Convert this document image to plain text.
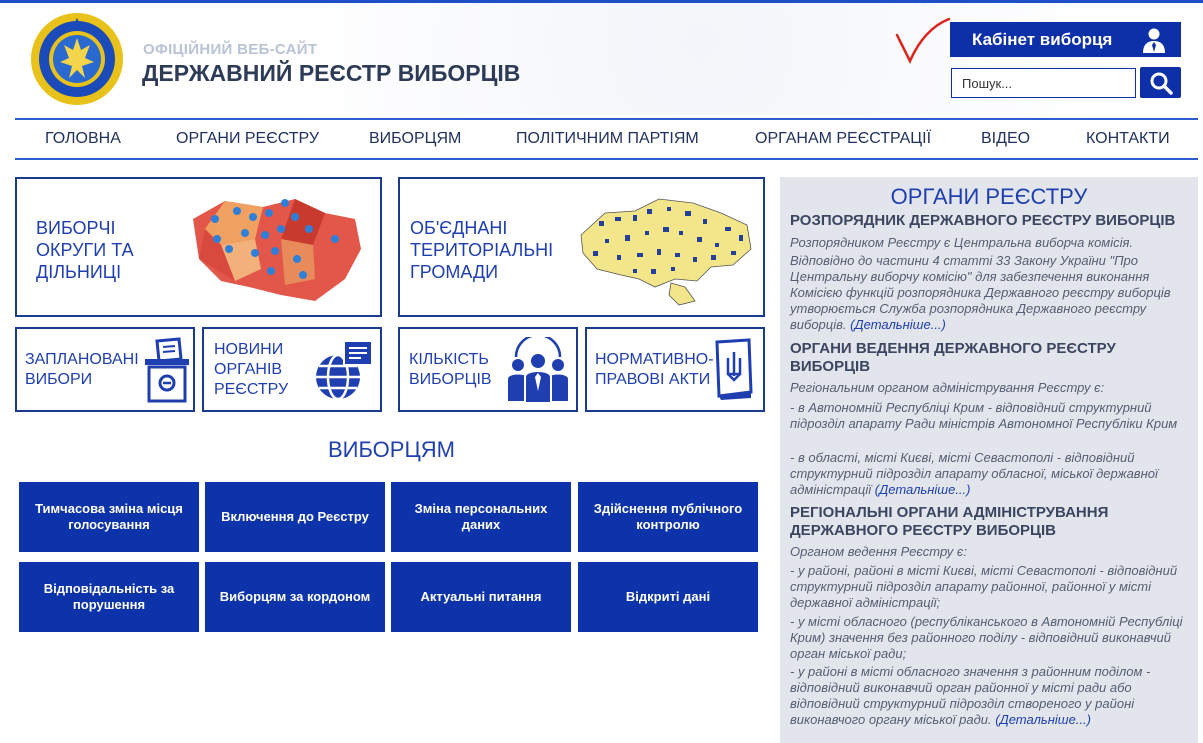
ОФІЦІЙНИЙ ВЕБ-САЙТ
ДЕРЖАВНИЙ РЕЄСТР ВИБОРЦІВ
Кабінет виборця
Пошук...
ГОЛОВНА	ОРГАНИ РЕЄСТРУ	ВИБОРЦЯМ	ПОЛІТИЧНИМ ПАРТІЯМ	ОРГАНАМ РЕЄСТРАЦІЇ	ВІДЕО	КОНТАКТИ
ВИБОРЧІ ОКРУГИ ТА ДІЛЬНИЦІ
ОБ'ЄДНАНІ ТЕРИТОРІАЛЬНІ ГРОМАДИ
ЗАПЛАНОВАНІ ВИБОРИ
НОВИНИ ОРГАНІВ РЕЄСТРУ
КІЛЬКІСТЬ ВИБОРЦІВ
НОРМАТИВНО-ПРАВОВІ АКТИ
ВИБОРЦЯМ
Тимчасова зміна місця голосування
Включення до Реєстру
Зміна персональних даних
Здійснення публічного контролю
Відповідальність за порушення
Виборцям за кордоном	Актуальні питання	Відкриті дані
ОРГАНИ РЕЄСТРУ
РОЗПОРЯДНИК ДЕРЖАВНОГО РЕЄСТРУ ВИБОРЦІВ
Розпорядником Реєстру є Центральна виборча комісія.
Відповідно до частини 4 статті 33 Закону України "Про Центральну виборчу комісію" для забезпечення виконання Комісією функцій розпорядника Державного реєстру виборців утворюється Служба розпорядника Державного реєстру виборців. (Детальніше...)
ОРГАНИ ВЕДЕННЯ ДЕРЖАВНОГО РЕЄСТРУ ВИБОРЦІВ
Регіональним органом адміністрування Реєстру є:
- в Автономній Республіці Крим - відповідний структурний підрозділ апарату Ради міністрів Автономної Республіки Крим
- в області, місті Києві, місті Севастополі - відповідний структурний підрозділ апарату обласної, міської державної адміністрації (Детальніше...)
РЕГІОНАЛЬНІ ОРГАНИ АДМІНІСТРУВАННЯ ДЕРЖАВНОГО РЕЄСТРУ ВИБОРЦІВ
Органом ведення Реєстру є:
- у районі, районі в місті Києві, місті Севастополі - відповідний структурний підрозділ апарату районної, районної у місті державної адміністрації;
- у місті обласного (республіканського в Автономній Республіці Крим) значення без районного поділу - відповідний виконавчий орган міської ради;
- у районі в місті обласного значення з районним поділом - відповідний виконавчий орган районної у місті ради або відповідний структурний підрозділ створеного у районі виконавчого органу міської ради. (Детальніше...)
